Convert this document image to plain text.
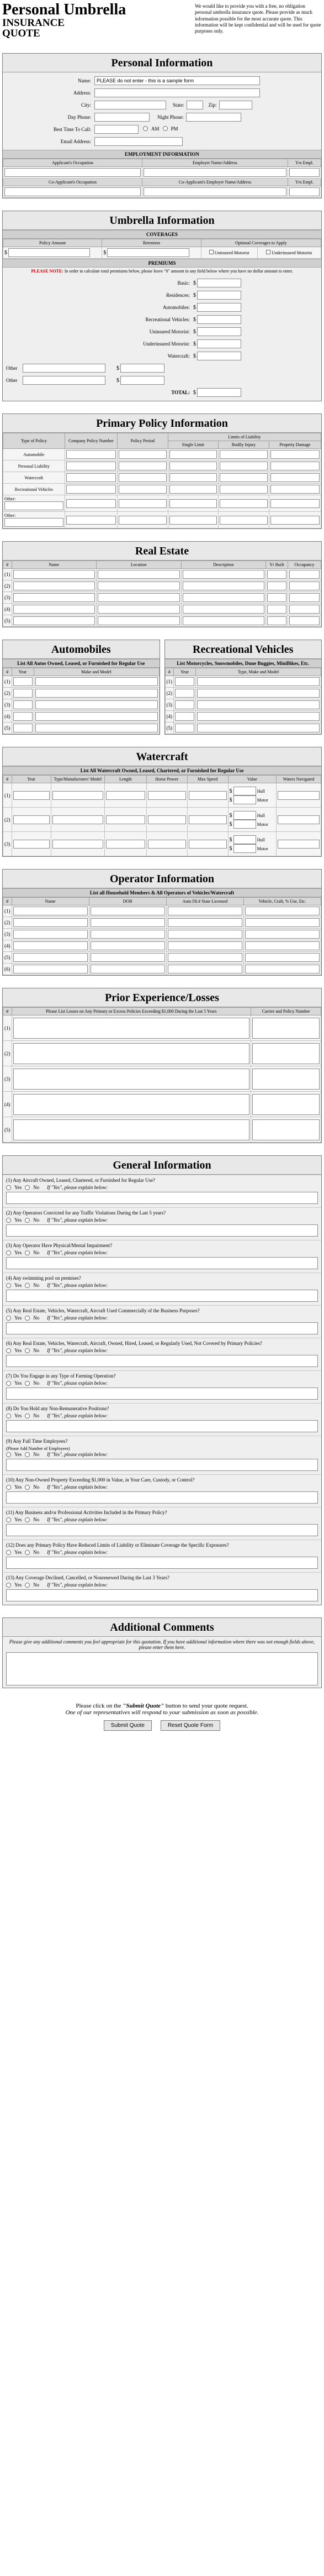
Personal Umbrella
INSURANCE
QUOTE
We would like to provide you with a free, no obligation personal umbrella insurance quote. Please provide as much information possible for the most accurate quote. This information will be kept confidential and will be used for quote purposes only.
Personal Information
Name:
PLEASE do not enter - this is a sample form
Address:
City:	State:	Zip:
Day Phone:	Night Phone:
Best Time To Call:	AM PM
Email Address:
EMPLOYMENT INFORMATION
Applicant's Occupation	Employer Name/Address	Yrs Empl.

Co-Applicant's Occupation	Co-Applicant's Employer Name/Address	Yrs Empl.

Umbrella Information
COVERAGES
Policy Amount	Retention	Optional Coverages to Apply	
$	$	Uninsured Motorist	Underinsured Motorist
PREMIUMS
PLEASE NOTE: In order to calculate total premiums below, please leave "0" amount in any field below where you have no dollar amount to enter.
Basic: $
Residences: $
Automobiles: $
Recreational Vehicles: $
Uninsured Motorist: $
Underinsured Motorist: $
Watercraft: $
Other	$
Other	$
TOTAL: $
Primary Policy Information
Type of Policy	Company Policy Number	Policy Period	Limits of Liability		
			Single Limit	Bodily Injury	Property Damage
Automobile					
Personal Liability					
Watercraft					
Recreational Vehicles					
Other:					
Other:					
Real Estate
#	Name	Location	Description	Yr Built	Occupancy
(1)					
(2)					
(3)					
(4)					
(5)					
Automobiles
List All Autos Owned, Leased, or Furnished for Regular Use
#	Year	Make and Model
(1)		
(2)		
(3)		
(4)		
(5)		
Recreational Vehicles
List Motorcycles, Snowmobiles, Dune Buggies, MiniBikes, Etc.
#	Year	Type, Make and Model
(1)		
(2)		
(3)		
(4)		
(5)		
Watercraft
List All Watercraft Owned, Leased, Chartered, or Furnished for Regular Use
#	Year	Type/Manufacturer/ Model	Length	Horse Power	Max Speed	Value	Waters Navigated
(1)						$ Hull
$ Motor

(2)						$ Hull
$ Motor

(3)						$ Hull
$ Motor

Operator Information
List all Household Members & All Operators of Vehicles/Watercraft
#	Name	DOB	Auto DL# State Licensed	Vehicle, Craft, % Use, Etc.
(1)				
(2)				
(3)				
(4)				
(5)				
(6)				
Prior Experience/Losses
#	Please List Losses on Any Primary or Excess Policies Exceeding $1,000 During the Last 5 Years	Carrier and Policy Number
(1)	

(2)	

(3)	

(4)	

(5)	

General Information
(1) Any Aircraft Owned, Leased, Chartered, or Furnished for Regular Use?
Yes No If "Yes", please explain below:
(2) Any Operators Convicted for any Traffic Violations During the Last 5 years?
Yes No If "Yes", please explain below:
(3) Any Operator Have Physical/Mental Impairment?
Yes No If "Yes", please explain below:
(4) Any swimming pool on premises?
Yes No If "Yes", please explain below:
(5) Any Real Estate, Vehicles, Watercraft, Aircraft Used Commercially of the Business Purposes?
Yes No If "Yes", please explain below:
(6) Any Real Estate, Vehicles, Watercraft, Aircraft, Owned, Hired, Leased, or Regularly Used, Not Covered by Primary Policies?
Yes No If "Yes", please explain below:
(7) Do You Engage in any Type of Farming Operation?
Yes No If "Yes", please explain below:
(8) Do You Hold any Non-Remunerative Positions?
Yes No If "Yes", please explain below:
(9) Any Full Time Employees?
(Please Add Number of Employees)
Yes No If "Yes", please explain below:
(10) Any Non-Owned Property Exceeding $1,000 in Value, in Your Care, Custody, or Control?
Yes No If "Yes", please explain below:
(11) Any Business and/or Professional Activities Included in the Primary Policy?
Yes No If "Yes", please explain below:
(12) Does any Primary Policy Have Reduced Limits of Liability or Eliminate Coverage the Specific Exposures?
Yes No If "Yes", please explain below:
(13) Any Coverage Declined, Cancelled, or Nonrenewed During the Last 3 Years?
Yes No If "Yes", please explain below:
Additional Comments
Please give any additional comments you feel appropriate for this quotation. If you have additional information where there was not enough fields above, please enter them here.
Please click on the "Submit Quote" button to send your quote request.
One of our representatives will respond to your submission as soon as possible.
Submit Quote	Reset Quote Form
